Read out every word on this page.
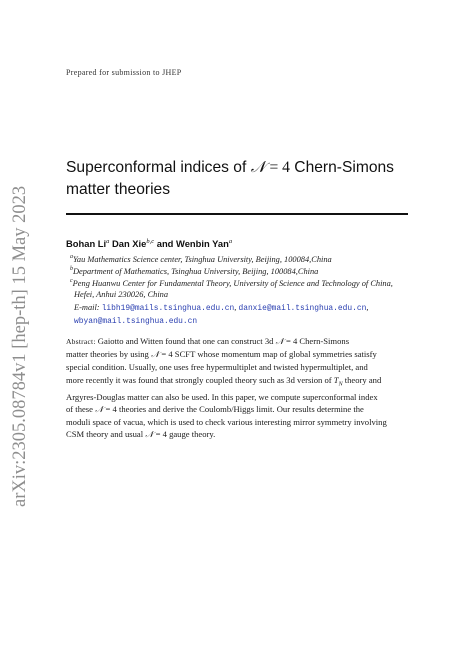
arXiv:2305.08784v1 [hep-th] 15 May 2023
Prepared for submission to JHEP
Superconformal indices of 𝒩 = 4 Chern-Simons
matter theories
Bohan Li$^a$ Dan Xie$^{b,c}$ and Wenbin Yan$^a$
$^a$Yau Mathematics Science center, Tsinghua University, Beijing, 100084,China
$^b$Department of Mathematics, Tsinghua University, Beijing, 100084,China
$^c$Peng Huanwu Center for Fundamental Theory, University of Science and Technology of China,
Hefei, Anhui 230026, China
E-mail: libh19@mails.tsinghua.edu.cn, danxie@mail.tsinghua.edu.cn,
wbyan@mail.tsinghua.edu.cn

Abstract: Gaiotto and Witten found that one can construct 3d 𝒩 = 4 Chern-Simons

matter theories by using 𝒩 = 4 SCFT whose momentum map of global symmetries satisfy

special condition. Usually, one uses free hypermultiplet and twisted hypermultiplet, and

more recently it was found that strongly coupled theory such as 3d version of $T_N$ theory and

Argyres-Douglas matter can also be used. In this paper, we compute superconformal index

of these 𝒩 = 4 theories and derive the Coulomb/Higgs limit. Our results determine the

moduli space of vacua, which is used to check various interesting mirror symmetry involving

CSM theory and usual 𝒩 = 4 gauge theory.
